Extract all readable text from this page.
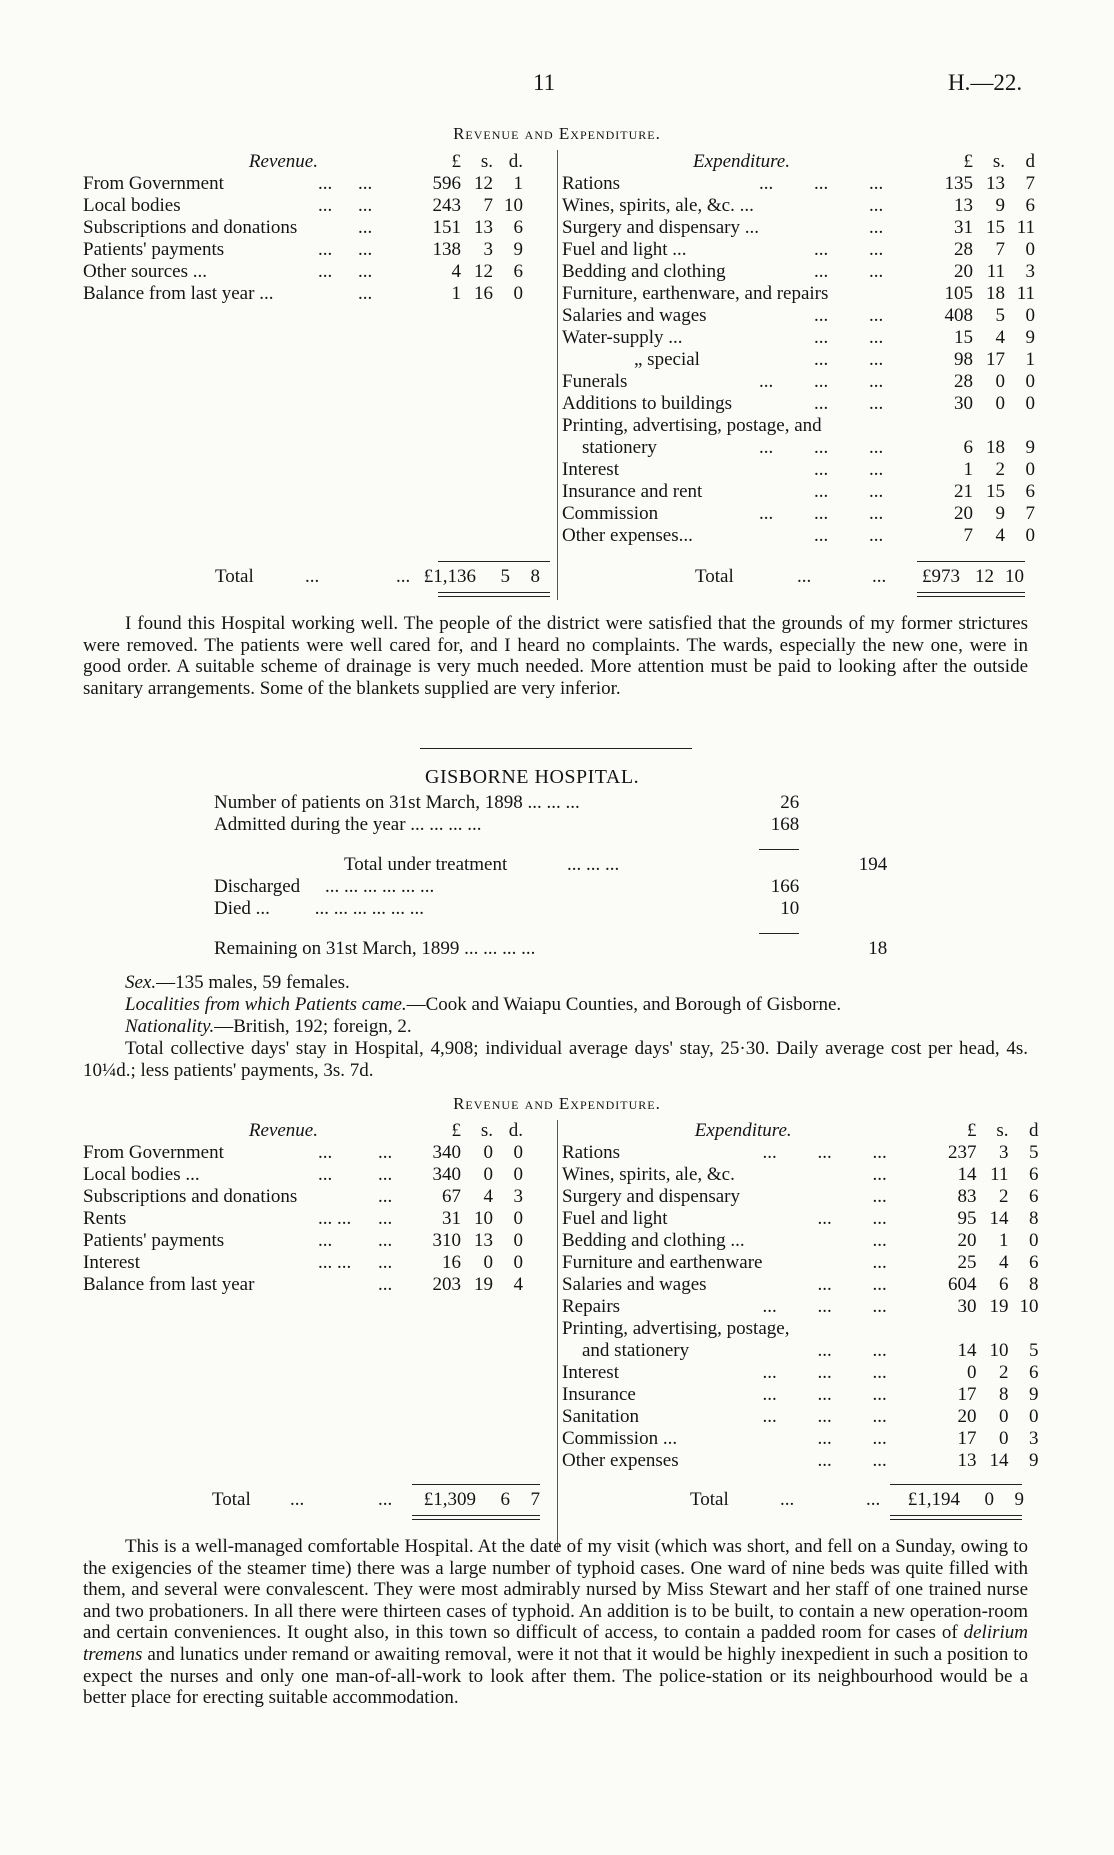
11	H.—22.
Revenue and Expenditure.
Revenue.			£	s.	d.
From Government	...	...	596	12	1
Local bodies	...	...	243	7	10
Subscriptions and donations		...	151	13	6
Patients' payments	...	...	138	3	9
Other sources ...	...	...	4	12	6
Balance from last year ...		...	1	16	0
Expenditure.				£	s.	d
Rations	...	...	...	135	13	7
Wines, spirits, ale, &c. ...			...	13	9	6
Surgery and dispensary ...			...	31	15	11
Fuel and light ...		...	...	28	7	0
Bedding and clothing		...	...	20	11	3
Furniture, earthenware, and repairs				105	18	11
Salaries and wages		...	...	408	5	0
Water-supply ...		...	...	15	4	9
„ special		...	...	98	17	1
Funerals	...	...	...	28	0	0
Additions to buildings		...	...	30	0	0
Printing, advertising, postage, and						
stationery	...	...	...	6	18	9
Interest		...	...	1	2	0
Insurance and rent		...	...	21	15	6
Commission	...	...	...	20	9	7
Other expenses...		...	...	7	4	0
Total	...	... £1,136	5	8	Total	...	...	£973 12 10

I found this Hospital working well. The people of the district were satisfied that the grounds of my former strictures were removed. The patients were well cared for, and I heard no complaints. The wards, especially the new one, were in good order. A suitable scheme of drainage is very much needed. More attention must be paid to looking after the outside sanitary arrangements. Some of the blankets supplied are very inferior.

GISBORNE HOSPITAL.
Number of patients on 31st March, 1898 ... ... ...	26		
Admitted during the year ... ... ... ...	168		

Total under treatment ... ... ...			194
Discharged ... ... ... ... ... ...	166		
Died ... ... ... ... ... ... ...	10		

Remaining on 31st March, 1899 ... ... ... ...			18
Sex.—135 males, 59 females.
Localities from which Patients came.—Cook and Waiapu Counties, and Borough of Gisborne.
Nationality.—British, 192; foreign, 2.

Total collective days' stay in Hospital, 4,908; individual average days' stay, 25·30. Daily average cost per head, 4s. 10¼d.; less patients' payments, 3s. 7d.

Revenue and Expenditure.
Revenue.			£	s.	d.
From Government	...	...	340	0	0
Local bodies ...	...	...	340	0	0
Subscriptions and donations		...	67	4	3
Rents	... ...	...	31	10	0
Patients' payments	...	...	310	13	0
Interest	... ...	...	16	0	0
Balance from last year		...	203	19	4
Expenditure.				£	s.	d
Rations	...	...	...	237	3	5
Wines, spirits, ale, &c.			...	14	11	6
Surgery and dispensary			...	83	2	6
Fuel and light		...	...	95	14	8
Bedding and clothing ...			...	20	1	0
Furniture and earthenware			...	25	4	6
Salaries and wages		...	...	604	6	8
Repairs	...	...	...	30	19	10
Printing, advertising, postage,						
and stationery		...	...	14	10	5
Interest	...	...	...	0	2	6
Insurance	...	...	...	17	8	9
Sanitation	...	...	...	20	0	0
Commission ...		...	...	17	0	3
Other expenses		...	...	13	14	9
Total ...	...	£1,309	6	7	Total	...	...	£1,194	0	9

This is a well-managed comfortable Hospital. At the date of my visit (which was short, and fell on a Sunday, owing to the exigencies of the steamer time) there was a large number of typhoid cases. One ward of nine beds was quite filled with them, and several were convalescent. They were most admirably nursed by Miss Stewart and her staff of one trained nurse and two probationers. In all there were thirteen cases of typhoid. An addition is to be built, to contain a new operation-room and certain conveniences. It ought also, in this town so difficult of access, to contain a padded room for cases of delirium tremens and lunatics under remand or awaiting removal, were it not that it would be highly inexpedient in such a position to expect the nurses and only one man-of-all-work to look after them. The police-station or its neighbourhood would be a better place for erecting suitable accommodation.
